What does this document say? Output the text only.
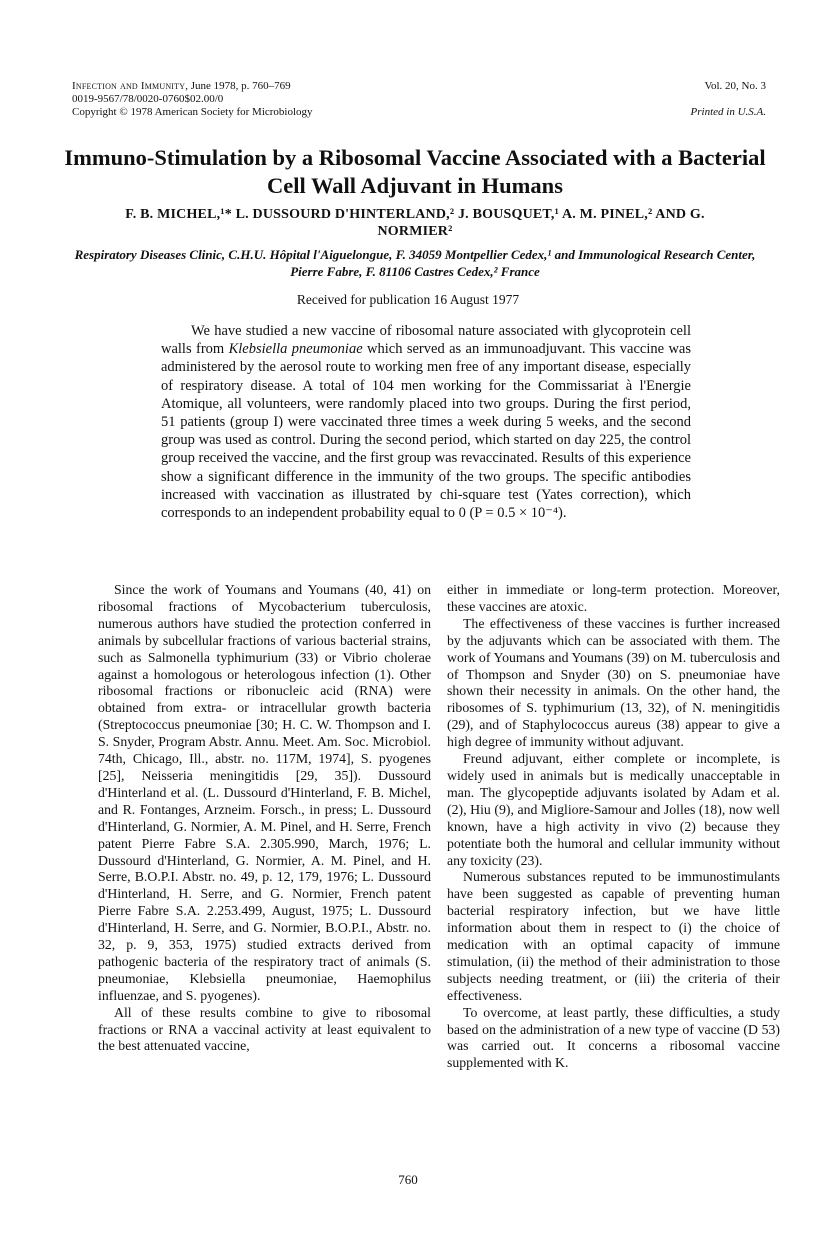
Infection and Immunity, June 1978, p. 760–769
0019-9567/78/0020-0760$02.00/0
Copyright © 1978 American Society for Microbiology
Vol. 20, No. 3
Printed in U.S.A.
Immuno-Stimulation by a Ribosomal Vaccine Associated with a Bacterial Cell Wall Adjuvant in Humans
F. B. MICHEL,¹* L. DUSSOURD D'HINTERLAND,² J. BOUSQUET,¹ A. M. PINEL,² AND G. NORMIER²
Respiratory Diseases Clinic, C.H.U. Hôpital l'Aiguelongue, F. 34059 Montpellier Cedex,¹ and Immunological Research Center, Pierre Fabre, F. 81106 Castres Cedex,² France
Received for publication 16 August 1977
We have studied a new vaccine of ribosomal nature associated with glycoprotein cell walls from Klebsiella pneumoniae which served as an immunoadjuvant. This vaccine was administered by the aerosol route to working men free of any important disease, especially of respiratory disease. A total of 104 men working for the Commissariat à l'Energie Atomique, all volunteers, were randomly placed into two groups. During the first period, 51 patients (group I) were vaccinated three times a week during 5 weeks, and the second group was used as control. During the second period, which started on day 225, the control group received the vaccine, and the first group was revaccinated. Results of this experience show a significant difference in the immunity of the two groups. The specific antibodies increased with vaccination as illustrated by chi-square test (Yates correction), which corresponds to an independent probability equal to 0 (P = 0.5 × 10⁻⁴).

Since the work of Youmans and Youmans (40, 41) on ribosomal fractions of Mycobacterium tuberculosis, numerous authors have studied the protection conferred in animals by subcellular fractions of various bacterial strains, such as Salmonella typhimurium (33) or Vibrio cholerae against a homologous or heterologous infection (1). Other ribosomal fractions or ribonucleic acid (RNA) were obtained from extra- or intracellular growth bacteria (Streptococcus pneumoniae [30; H. C. W. Thompson and I. S. Snyder, Program Abstr. Annu. Meet. Am. Soc. Microbiol. 74th, Chicago, Ill., abstr. no. 117M, 1974], S. pyogenes [25], Neisseria meningitidis [29, 35]). Dussourd d'Hinterland et al. (L. Dussourd d'Hinterland, F. B. Michel, and R. Fontanges, Arzneim. Forsch., in press; L. Dussourd d'Hinterland, G. Normier, A. M. Pinel, and H. Serre, French patent Pierre Fabre S.A. 2.305.990, March, 1976; L. Dussourd d'Hinterland, G. Normier, A. M. Pinel, and H. Serre, B.O.P.I. Abstr. no. 49, p. 12, 179, 1976; L. Dussourd d'Hinterland, H. Serre, and G. Normier, French patent Pierre Fabre S.A. 2.253.499, August, 1975; L. Dussourd d'Hinterland, H. Serre, and G. Normier, B.O.P.I., Abstr. no. 32, p. 9, 353, 1975) studied extracts derived from pathogenic bacteria of the respiratory tract of animals (S. pneumoniae, Klebsiella pneumoniae, Haemophilus influenzae, and S. pyogenes).

All of these results combine to give to ribosomal fractions or RNA a vaccinal activity at least equivalent to the best attenuated vaccine,

either in immediate or long-term protection. Moreover, these vaccines are atoxic.

The effectiveness of these vaccines is further increased by the adjuvants which can be associated with them. The work of Youmans and Youmans (39) on M. tuberculosis and of Thompson and Snyder (30) on S. pneumoniae have shown their necessity in animals. On the other hand, the ribosomes of S. typhimurium (13, 32), of N. meningitidis (29), and of Staphylococcus aureus (38) appear to give a high degree of immunity without adjuvant.

Freund adjuvant, either complete or incomplete, is widely used in animals but is medically unacceptable in man. The glycopeptide adjuvants isolated by Adam et al. (2), Hiu (9), and Migliore-Samour and Jolles (18), now well known, have a high activity in vivo (2) because they potentiate both the humoral and cellular immunity without any toxicity (23).

Numerous substances reputed to be immunostimulants have been suggested as capable of preventing human bacterial respiratory infection, but we have little information about them in respect to (i) the choice of medication with an optimal capacity of immune stimulation, (ii) the method of their administration to those subjects needing treatment, or (iii) the criteria of their effectiveness.

To overcome, at least partly, these difficulties, a study based on the administration of a new type of vaccine (D 53) was carried out. It concerns a ribosomal vaccine supplemented with K.

760
